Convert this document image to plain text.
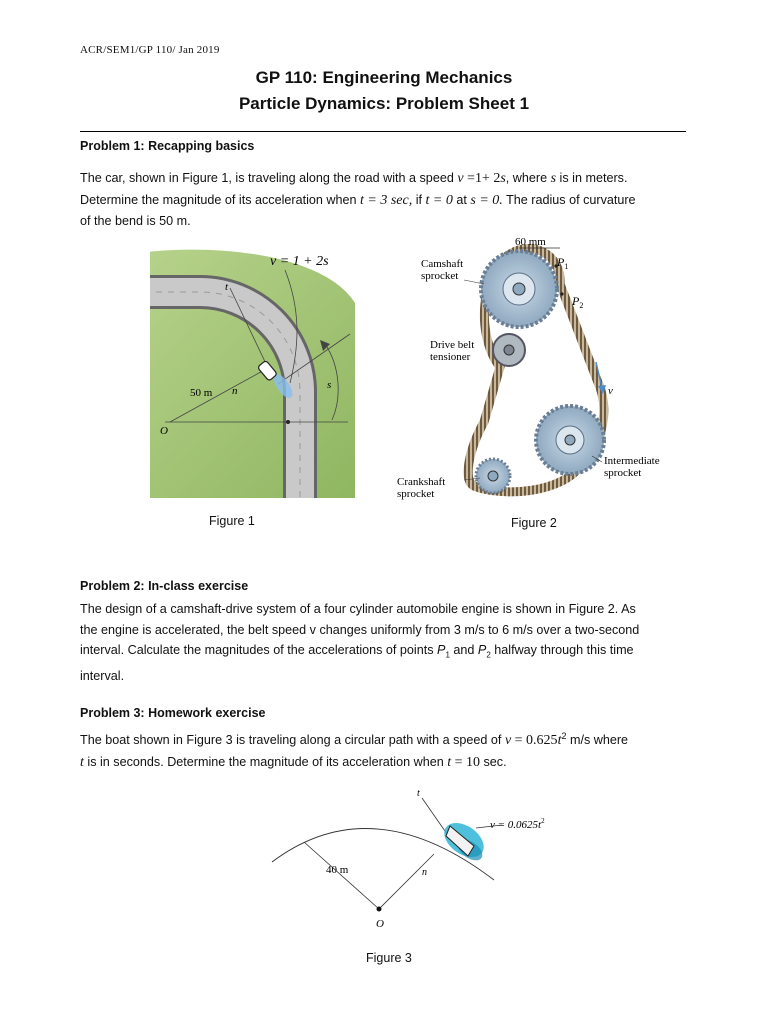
ACR/SEM1/GP 110/ Jan 2019
GP 110: Engineering Mechanics
Particle Dynamics: Problem Sheet 1
Problem 1: Recapping basics
The car, shown in Figure 1, is traveling along the road with a speed v =1+ 2s, where s is in meters.
Determine the magnitude of its acceleration when t = 3 sec, if t = 0 at s = 0. The radius of curvature
of the bend is 50 m.
v = 1 + 2s
t
n	s
50 m
O
Figure 1
60 mm
$P_1$
$P_2$
Camshaft
sprocket
Drive belt
tensioner
v
Intermediate
sprocket
Crankshaft
sprocket
Figure 2
Problem 2: In-class exercise
The design of a camshaft-drive system of a four cylinder automobile engine is shown in Figure 2. As
the engine is accelerated, the belt speed v changes uniformly from 3 m/s to 6 m/s over a two-second
interval. Calculate the magnitudes of the accelerations of points $P_1$ and $P_2$ halfway through this time
interval.
Problem 3: Homework exercise
The boat shown in Figure 3 is traveling along a circular path with a speed of $v = 0.625t^2$ m/s where
t is in seconds. Determine the magnitude of its acceleration when t = 10 sec.
t
$v = 0.0625t^2$
40 m	n
O
Figure 3
